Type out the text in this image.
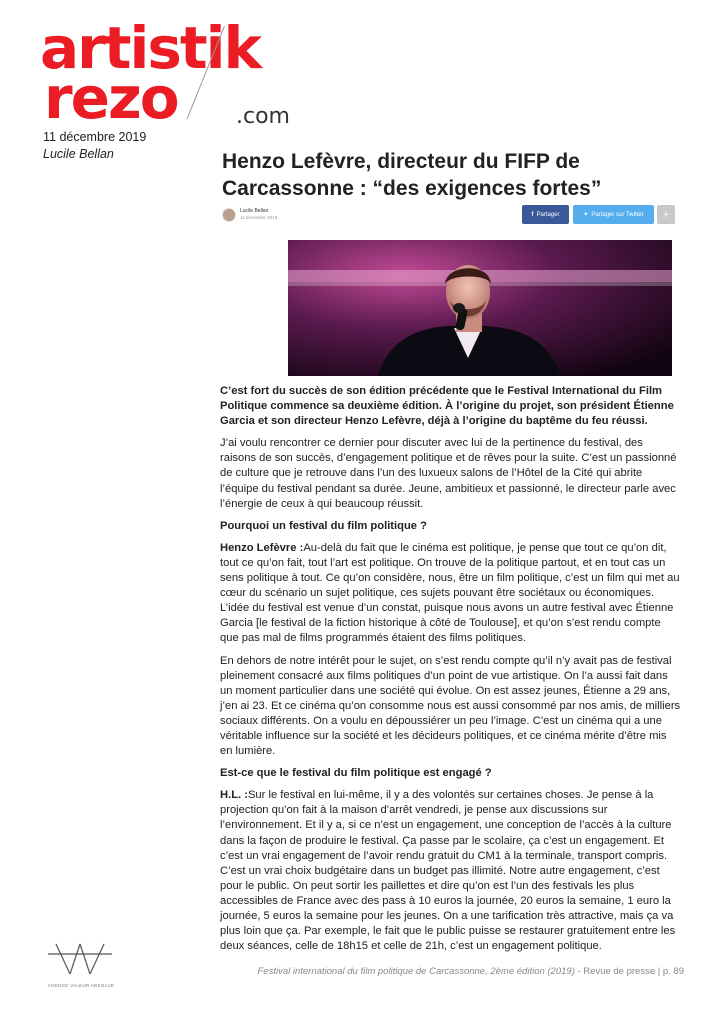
artistik
rezo	.com
11 décembre 2019
Lucile Bellan	Henzo Lefèvre, directeur du FIFP de Carcassonne : “des exigences fortes”
Lucile Bellan
11 décembre 2019	f Partager	✦ Partager sur Twitter	+

C’est fort du succès de son édition précédente que le Festival International du Film Politique commence sa deuxième édition. À l’origine du projet, son président Étienne Garcia et son directeur Henzo Lefèvre, déjà à l’origine du baptême du feu réussi.

J’ai voulu rencontrer ce dernier pour discuter avec lui de la pertinence du festival, des raisons de son succès, d’engagement politique et de rêves pour la suite. C’est un passionné de culture que je retrouve dans l’un des luxueux salons de l’Hôtel de la Cité qui abrite l’équipe du festival pendant sa durée. Jeune, ambitieux et passionné, le directeur parle avec l’énergie de ceux à qui beaucoup réussit.

Pourquoi un festival du film politique ?

Henzo Lefèvre :Au-delà du fait que le cinéma est politique, je pense que tout ce qu’on dit, tout ce qu’on fait, tout l’art est politique. On trouve de la politique partout, et en tout cas un sens politique à tout. Ce qu’on considère, nous, être un film politique, c’est un film qui met au cœur du scénario un sujet politique, ces sujets pouvant être sociétaux ou économiques. L’idée du festival est venue d’un constat, puisque nous avons un autre festival avec Étienne Garcia [le festival de la fiction historique à côté de Toulouse], et qu’on s’est rendu compte que pas mal de films programmés étaient des films politiques.

En dehors de notre intérêt pour le sujet, on s’est rendu compte qu’il n’y avait pas de festival pleinement consacré aux films politiques d’un point de vue artistique. On l’a aussi fait dans un moment particulier dans une société qui évolue. On est assez jeunes, Étienne a 29 ans, j’en ai 23. Et ce cinéma qu’on consomme nous est aussi consommé par nos amis, de milliers sociaux différents. On a voulu en dépoussiérer un peu l’image. C’est un cinéma qui a une véritable influence sur la société et les décideurs politiques, et ce cinéma mérite d’être mis en lumière.

Est-ce que le festival du film politique est engagé ?

H.L. :Sur le festival en lui-même, il y a des volontés sur certaines choses. Je pense à la projection qu’on fait à la maison d’arrêt vendredi, je pense aux discussions sur l’environnement. Et il y a, si ce n’est un engagement, une conception de l’accès à la culture dans la façon de produire le festival. Ça passe par le scolaire, ça c’est un engagement. Et c’est un vrai engagement de l’avoir rendu gratuit du CM1 à la terminale, transport compris. C’est un vrai choix budgétaire dans un budget pas illimité. Notre autre engagement, c’est pour le public. On peut sortir les paillettes et dire qu’on est l’un des festivals les plus accessibles de France avec des pass à 10 euros la journée, 20 euros la semaine, 1 euro la journée, 5 euros la semaine pour les jeunes. On a une tarification très attractive, mais ça va plus loin que ça. Par exemple, le fait que le public puisse se restaurer gratuitement entre les deux séances, celle de 18h15 et celle de 21h, c’est un engagement politique.

AGENCE VALEUR ABSOLUE
Festival international du film politique de Carcassonne, 2ème édition (2019) - Revue de presse | p. 89
